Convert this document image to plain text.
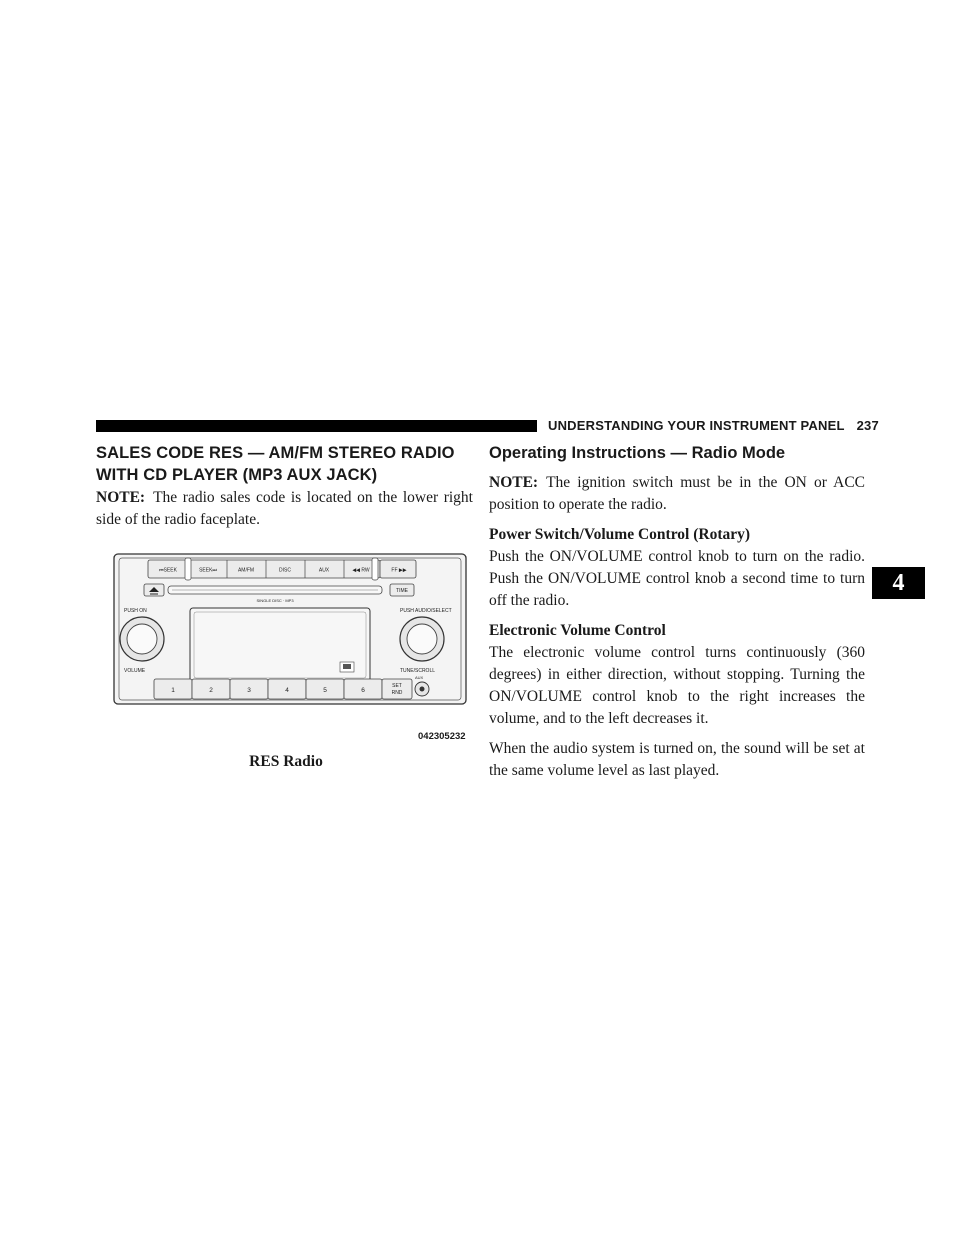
UNDERSTANDING YOUR INSTRUMENT PANEL 237
4
SALES CODE RES — AM/FM STEREO RADIO
WITH CD PLAYER (MP3 AUX JACK)
NOTE: The radio sales code is located on the lower right side of the radio faceplate.
⏮SEEK	SEEK⏭	AM/FM	DISC	AUX	◀◀ RW	FF ▶▶
SINGLE DISC · MP3
TIME
PUSH ON
VOLUME
PUSH AUDIO/SELECT
TUNE/SCROLL
1	2	3	4	5	6
SET
RND
AUX
042305232
RES Radio

Operating Instructions — Radio Mode

NOTE: The ignition switch must be in the ON or ACC position to operate the radio.

Power Switch/Volume Control (Rotary)

Push the ON/VOLUME control knob to turn on the radio. Push the ON/VOLUME control knob a second time to turn off the radio.

Electronic Volume Control

The electronic volume control turns continuously (360 degrees) in either direction, without stopping. Turning the ON/VOLUME control knob to the right increases the volume, and to the left decreases it.

When the audio system is turned on, the sound will be set at the same volume level as last played.
